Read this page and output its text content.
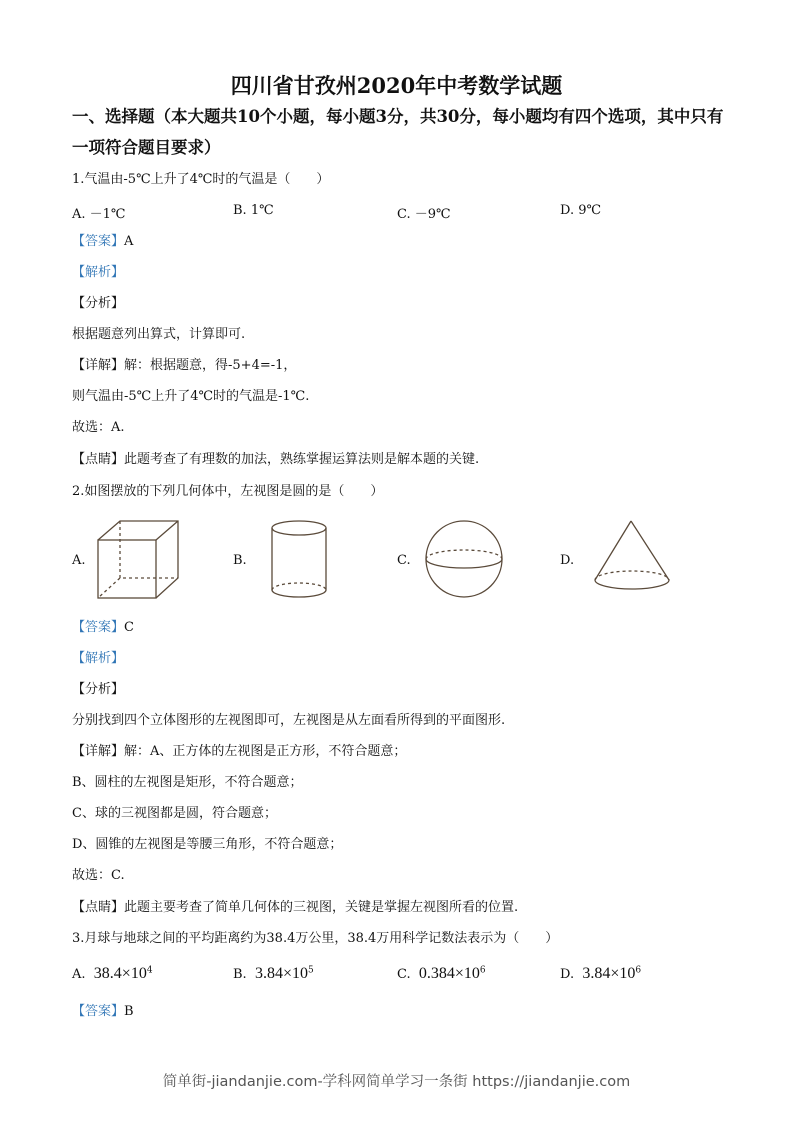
四川省甘孜州2020年中考数学试题
一、选择题（本大题共10个小题，每小题3分，共30分，每小题均有四个选项，其中只有
一项符合题目要求）
1.气温由-5℃上升了4℃时的气温是（　　）
A. －1℃	B. 1℃	C. －9℃	D. 9℃
【答案】A
【解析】
【分析】
根据题意列出算式，计算即可.
【详解】解：根据题意，得-5+4=-1，
则气温由-5℃上升了4℃时的气温是-1℃.
故选：A.
【点睛】此题考查了有理数的加法，熟练掌握运算法则是解本题的关键.
2.如图摆放的下列几何体中，左视图是圆的是（　　）
A.	B.	C.	D.
【答案】C
【解析】
【分析】
分别找到四个立体图形的左视图即可，左视图是从左面看所得到的平面图形.
【详解】解：A、正方体的左视图是正方形，不符合题意；
B、圆柱的左视图是矩形，不符合题意；
C、球的三视图都是圆，符合题意；
D、圆锥的左视图是等腰三角形，不符合题意；
故选：C.
【点睛】此题主要考查了简单几何体的三视图，关键是掌握左视图所看的位置.
3.月球与地球之间的平均距离约为38.4万公里，38.4万用科学记数法表示为（　　）
A. $38.4\times 10^4$	B. $3.84\times 10^5$	C. $0.384\times 10^6$	D. $3.84\times 10^6$
【答案】B
简单街-jiandanjie.com-学科网简单学习一条街 https://jiandanjie.com
